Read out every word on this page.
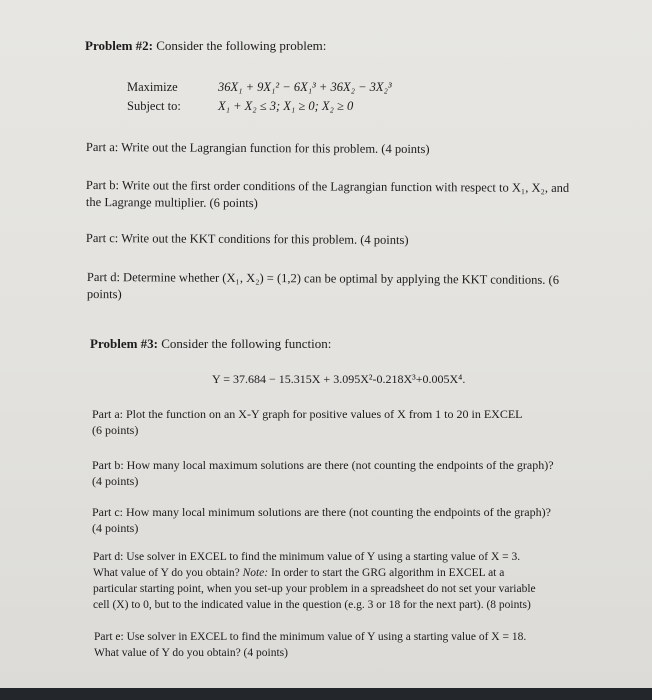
Problem #2: Consider the following problem:
Maximize	36X₁ + 9X₁² − 6X₁³ + 36X₂ − 3X₂³
Subject to:	X₁ + X₂ ≤ 3; X₁ ≥ 0; X₂ ≥ 0
Part a: Write out the Lagrangian function for this problem. (4 points)
Part b: Write out the first order conditions of the Lagrangian function with respect to X₁, X₂, and
the Lagrange multiplier. (6 points)
Part c: Write out the KKT conditions for this problem. (4 points)
Part d: Determine whether (X₁, X₂) = (1,2) can be optimal by applying the KKT conditions. (6
points)
Problem #3: Consider the following function:
Y = 37.684 − 15.315X + 3.095X²-0.218X³+0.005X⁴.
Part a: Plot the function on an X-Y graph for positive values of X from 1 to 20 in EXCEL
(6 points)
Part b: How many local maximum solutions are there (not counting the endpoints of the graph)?
(4 points)
Part c: How many local minimum solutions are there (not counting the endpoints of the graph)?
(4 points)
Part d: Use solver in EXCEL to find the minimum value of Y using a starting value of X = 3.
What value of Y do you obtain? Note: In order to start the GRG algorithm in EXCEL at a
particular starting point, when you set-up your problem in a spreadsheet do not set your variable
cell (X) to 0, but to the indicated value in the question (e.g. 3 or 18 for the next part). (8 points)
Part e: Use solver in EXCEL to find the minimum value of Y using a starting value of X = 18.
What value of Y do you obtain? (4 points)
